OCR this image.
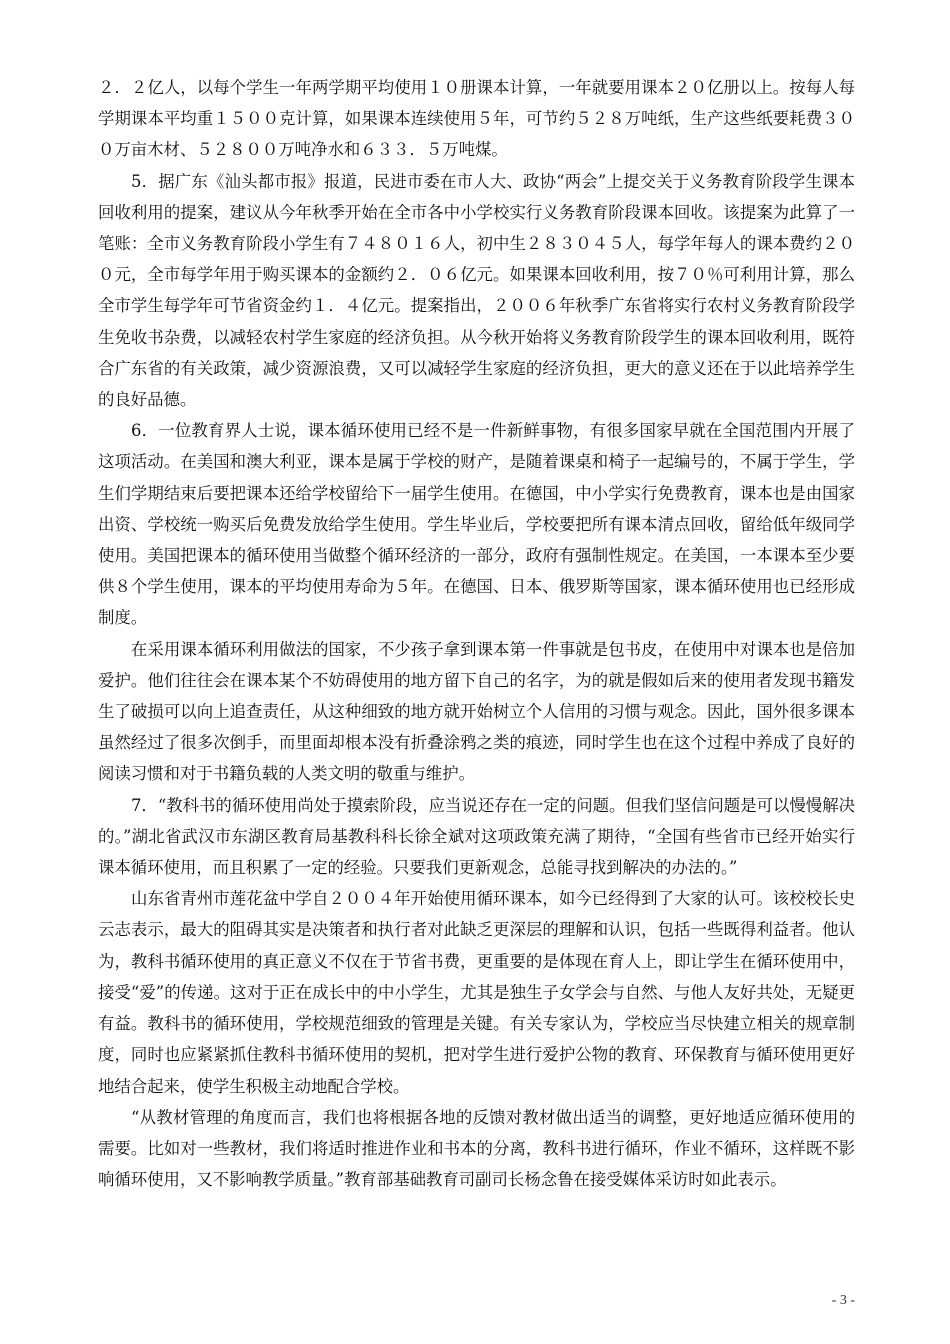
２．２亿人，以每个学生一年两学期平均使用１０册课本计算，一年就要用课本２０亿册以上。按每人每学期课本平均重１５００克计算，如果课本连续使用５年，可节约５２８万吨纸，生产这些纸要耗费３００万亩木材、５２８００万吨净水和６３３．５万吨煤。

5．据广东《汕头都市报》报道，民进市委在市人大、政协“两会”上提交关于义务教育阶段学生课本回收利用的提案，建议从今年秋季开始在全市各中小学校实行义务教育阶段课本回收。该提案为此算了一笔账：全市义务教育阶段小学生有７４８０１６人，初中生２８３０４５人，每学年每人的课本费约２００元，全市每学年用于购买课本的金额约２．０６亿元。如果课本回收利用，按７０％可利用计算，那么全市学生每学年可节省资金约１．４亿元。提案指出，２００６年秋季广东省将实行农村义务教育阶段学生免收书杂费，以减轻农村学生家庭的经济负担。从今秋开始将义务教育阶段学生的课本回收利用，既符合广东省的有关政策，减少资源浪费，又可以减轻学生家庭的经济负担，更大的意义还在于以此培养学生的良好品德。

6．一位教育界人士说，课本循环使用已经不是一件新鲜事物，有很多国家早就在全国范围内开展了这项活动。在美国和澳大利亚，课本是属于学校的财产，是随着课桌和椅子一起编号的，不属于学生，学生们学期结束后要把课本还给学校留给下一届学生使用。在德国，中小学实行免费教育，课本也是由国家出资、学校统一购买后免费发放给学生使用。学生毕业后，学校要把所有课本清点回收，留给低年级同学使用。美国把课本的循环使用当做整个循环经济的一部分，政府有强制性规定。在美国，一本课本至少要供８个学生使用，课本的平均使用寿命为５年。在德国、日本、俄罗斯等国家，课本循环使用也已经形成制度。

在采用课本循环利用做法的国家，不少孩子拿到课本第一件事就是包书皮，在使用中对课本也是倍加爱护。他们往往会在课本某个不妨碍使用的地方留下自己的名字，为的就是假如后来的使用者发现书籍发生了破损可以向上追查责任，从这种细致的地方就开始树立个人信用的习惯与观念。因此，国外很多课本虽然经过了很多次倒手，而里面却根本没有折叠涂鸦之类的痕迹，同时学生也在这个过程中养成了良好的阅读习惯和对于书籍负载的人类文明的敬重与维护。

7．“教科书的循环使用尚处于摸索阶段，应当说还存在一定的问题。但我们坚信问题是可以慢慢解决的。”湖北省武汉市东湖区教育局基教科科长徐全斌对这项政策充满了期待，“全国有些省市已经开始实行课本循环使用，而且积累了一定的经验。只要我们更新观念，总能寻找到解决的办法的。”

山东省青州市莲花盆中学自２００４年开始使用循环课本，如今已经得到了大家的认可。该校校长史云志表示，最大的阻碍其实是决策者和执行者对此缺乏更深层的理解和认识，包括一些既得利益者。他认为，教科书循环使用的真正意义不仅在于节省书费，更重要的是体现在育人上，即让学生在循环使用中，接受“爱”的传递。这对于正在成长中的中小学生，尤其是独生子女学会与自然、与他人友好共处，无疑更有益。教科书的循环使用，学校规范细致的管理是关键。有关专家认为，学校应当尽快建立相关的规章制度，同时也应紧紧抓住教科书循环使用的契机，把对学生进行爱护公物的教育、环保教育与循环使用更好地结合起来，使学生积极主动地配合学校。

“从教材管理的角度而言，我们也将根据各地的反馈对教材做出适当的调整，更好地适应循环使用的需要。比如对一些教材，我们将适时推进作业和书本的分离，教科书进行循环，作业不循环，这样既不影响循环使用，又不影响教学质量。”教育部基础教育司副司长杨念鲁在接受媒体采访时如此表示。

- 3 -
